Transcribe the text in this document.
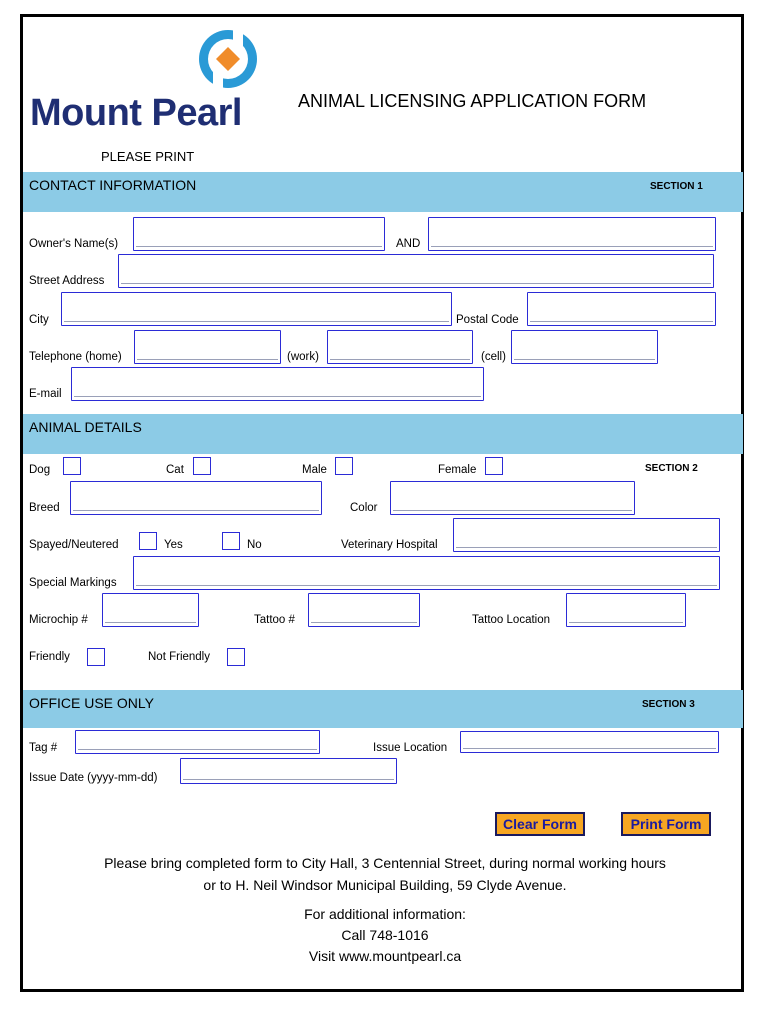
Mount Pearl	ANIMAL LICENSING APPLICATION FORM
PLEASE PRINT
CONTACT INFORMATION	SECTION 1
Owner's Name(s)	AND
Street Address
City	Postal Code
Telephone (home)	(work)	(cell)
E-mail
ANIMAL DETAILS
Dog	Cat	Male	Female	SECTION 2
Breed	Color
Spayed/Neutered	Yes	No	Veterinary Hospital
Special Markings
Microchip #	Tattoo #	Tattoo Location
Friendly	Not Friendly
OFFICE USE ONLY	SECTION 3
Tag #	Issue Location
Issue Date (yyyy-mm-dd)
Clear Form	Print Form
Please bring completed form to City Hall, 3 Centennial Street, during normal working hours
or to H. Neil Windsor Municipal Building, 59 Clyde Avenue.
For additional information:
Call 748-1016
Visit www.mountpearl.ca
